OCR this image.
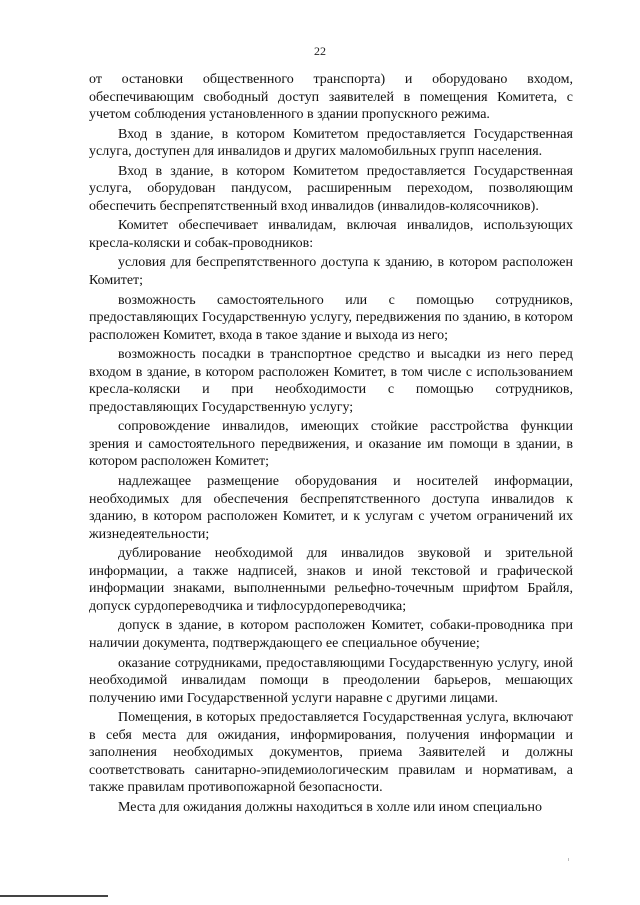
22

от остановки общественного транспорта) и оборудовано входом, обеспечивающим свободный доступ заявителей в помещения Комитета, с учетом соблюдения установленного в здании пропускного режима.

Вход в здание, в котором Комитетом предоставляется Государственная услуга, доступен для инвалидов и других маломобильных групп населения.

Вход в здание, в котором Комитетом предоставляется Государственная услуга, оборудован пандусом, расширенным переходом, позволяющим обеспечить беспрепятственный вход инвалидов (инвалидов-колясочников).

Комитет обеспечивает инвалидам, включая инвалидов, использующих кресла-коляски и собак-проводников:

условия для беспрепятственного доступа к зданию, в котором расположен Комитет;

возможность самостоятельного или с помощью сотрудников, предоставляющих Государственную услугу, передвижения по зданию, в котором расположен Комитет, входа в такое здание и выхода из него;

возможность посадки в транспортное средство и высадки из него перед входом в здание, в котором расположен Комитет, в том числе с использованием кресла-коляски и при необходимости с помощью сотрудников, предоставляющих Государственную услугу;

сопровождение инвалидов, имеющих стойкие расстройства функции зрения и самостоятельного передвижения, и оказание им помощи в здании, в котором расположен Комитет;

надлежащее размещение оборудования и носителей информации, необходимых для обеспечения беспрепятственного доступа инвалидов к зданию, в котором расположен Комитет, и к услугам с учетом ограничений их жизнедеятельности;

дублирование необходимой для инвалидов звуковой и зрительной информации, а также надписей, знаков и иной текстовой и графической информации знаками, выполненными рельефно-точечным шрифтом Брайля, допуск сурдопереводчика и тифлосурдопереводчика;

допуск в здание, в котором расположен Комитет, собаки-проводника при наличии документа, подтверждающего ее специальное обучение;

оказание сотрудниками, предоставляющими Государственную услугу, иной необходимой инвалидам помощи в преодолении барьеров, мешающих получению ими Государственной услуги наравне с другими лицами.

Помещения, в которых предоставляется Государственная услуга, включают в себя места для ожидания, информирования, получения информации и заполнения необходимых документов, приема Заявителей и должны соответствовать санитарно-эпидемиологическим правилам и нормативам, а также правилам противопожарной безопасности.

Места для ожидания должны находиться в холле или ином специально
